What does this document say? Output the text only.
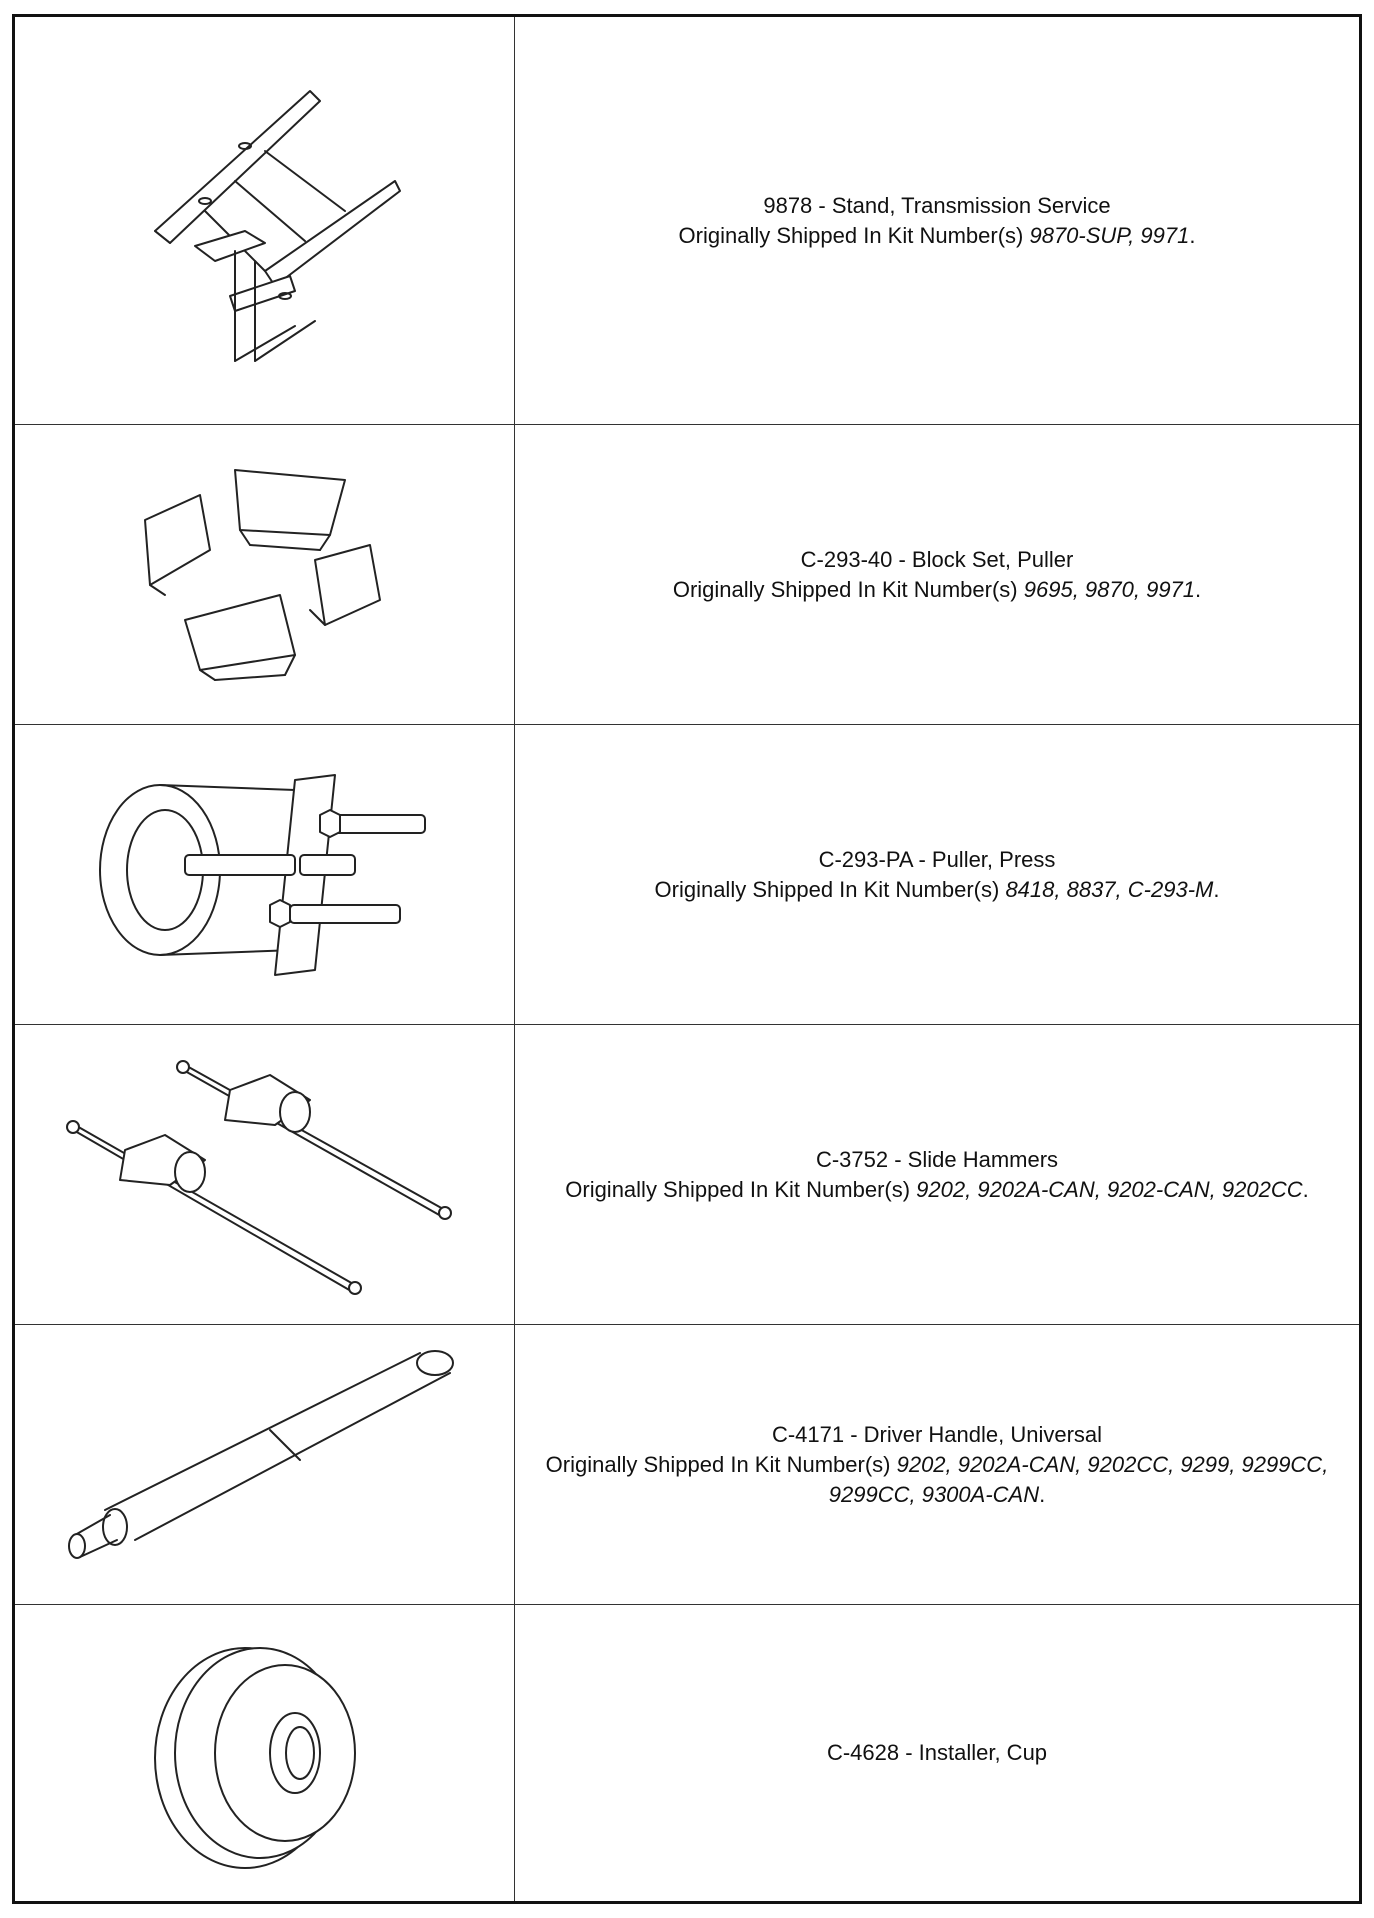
9878 - Stand, Transmission Service
Originally Shipped In Kit Number(s) 9870-SUP, 9971.
C-293-40 - Block Set, Puller
Originally Shipped In Kit Number(s) 9695, 9870, 9971.
C-293-PA - Puller, Press
Originally Shipped In Kit Number(s) 8418, 8837, C-293-M.
C-3752 - Slide Hammers
Originally Shipped In Kit Number(s) 9202, 9202A-CAN, 9202-CAN, 9202CC.
C-4171 - Driver Handle, Universal
Originally Shipped In Kit Number(s) 9202, 9202A-CAN, 9202CC, 9299, 9299CC, 9299CC, 9300A-CAN.
C-4628 - Installer, Cup
